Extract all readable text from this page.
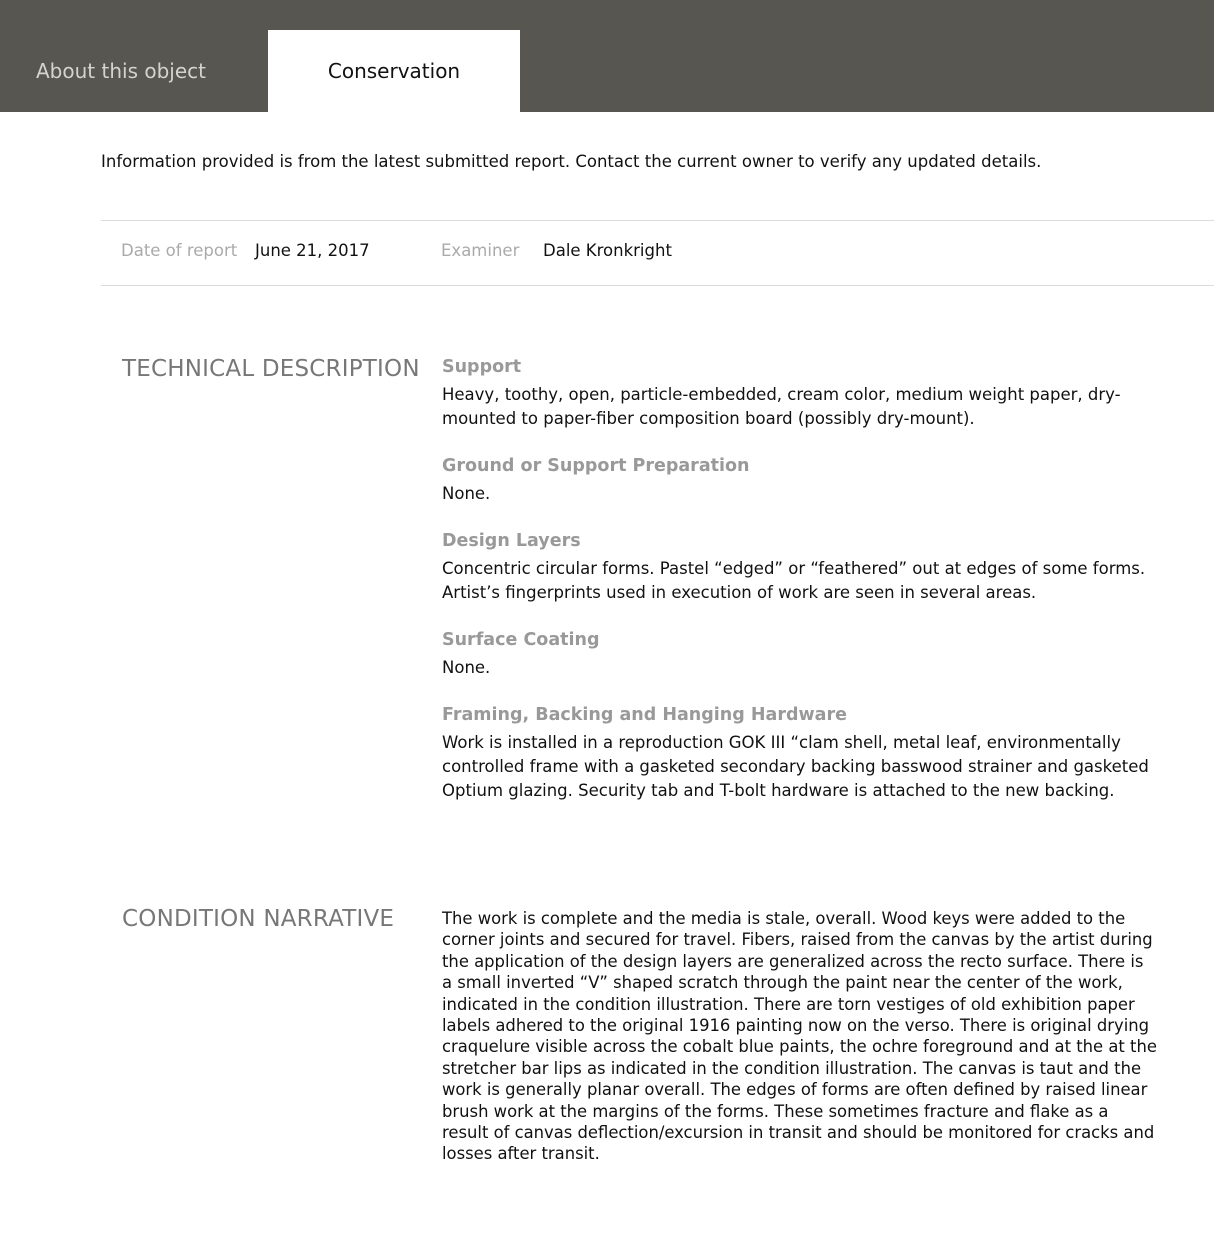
About this object	Conservation
Information provided is from the latest submitted report. Contact the current owner to verify any updated details.
Date of report June 21, 2017	Examiner Dale Kronkright
TECHNICAL DESCRIPTION Support
Heavy, toothy, open, particle-embedded, cream color, medium weight paper, dry-mounted to paper-fiber composition board (possibly dry-mount).
Ground or Support Preparation
None.
Design Layers
Concentric circular forms. Pastel “edged” or “feathered” out at edges of some forms. Artist’s fingerprints used in execution of work are seen in several areas.
Surface Coating
None.
Framing, Backing and Hanging Hardware
Work is installed in a reproduction GOK III “clam shell, metal leaf, environmentally controlled frame with a gasketed secondary backing basswood strainer and gasketed Optium glazing. Security tab and T-bolt hardware is attached to the new backing.
CONDITION NARRATIVE	The work is complete and the media is stale, overall. Wood keys were added to the corner joints and secured for travel. Fibers, raised from the canvas by the artist during the application of the design layers are generalized across the recto surface. There is a small inverted “V” shaped scratch through the paint near the center of the work, indicated in the condition illustration. There are torn vestiges of old exhibition paper labels adhered to the original 1916 painting now on the verso. There is original drying craquelure visible across the cobalt blue paints, the ochre foreground and at the at the stretcher bar lips as indicated in the condition illustration. The canvas is taut and the work is generally planar overall. The edges of forms are often defined by raised linear brush work at the margins of the forms. These sometimes fracture and flake as a result of canvas deflection/excursion in transit and should be monitored for cracks and losses after transit.
